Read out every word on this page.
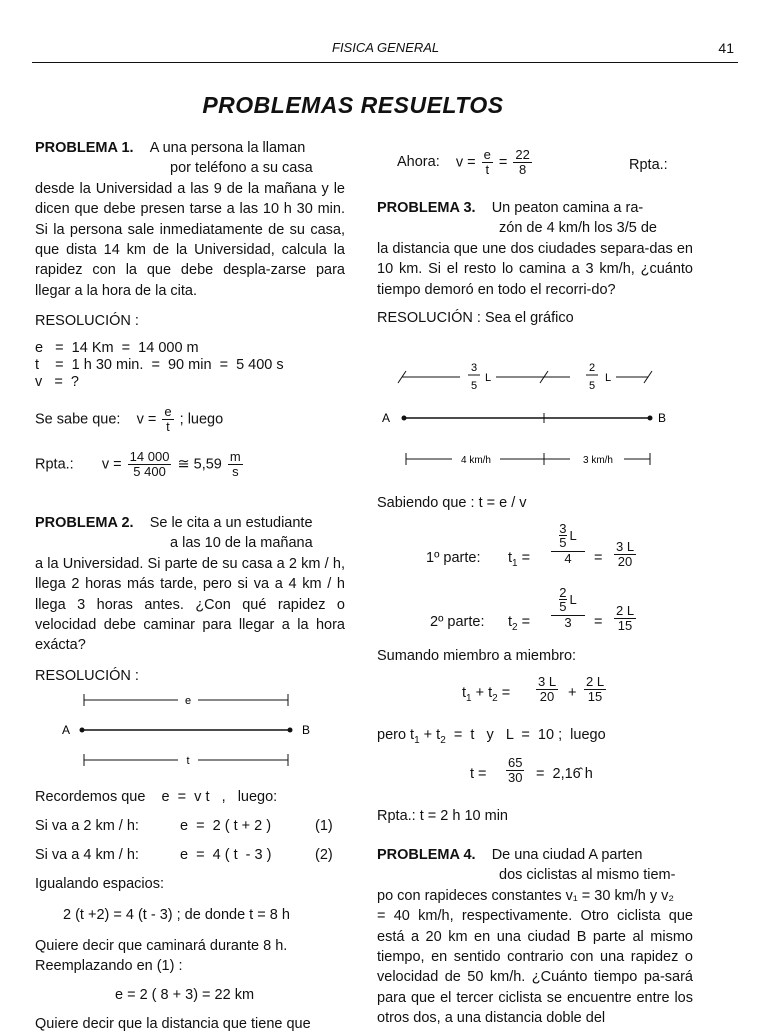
FISICA GENERAL	41
PROBLEMAS RESUELTOS
PROBLEMA 1. A una persona la llaman
por teléfono a su casa
desde la Universidad a las 9 de la mañana y le dicen que debe presen tarse a las 10 h 30 min. Si la persona sale inmediatamente de su casa, que dista 14 km de la Universidad, calcula la rapidez con la que debe despla-zarse para llegar a la hora de la cita.
RESOLUCIÓN :
e   =  14 Km  =  14 000 m
t    =  1 h 30 min.  =  90 min  =  5 400 s
v   =  ?
Se sabe que: $v = \frac{e}{t}$ ; luego
Rpta.: $v = \frac{14 000}{5 400}$ ≅ $5,59 \frac{m}{s}$
PROBLEMA 2. Se le cita a un estudiante
a las 10 de la mañana
a la Universidad. Si parte de su casa a 2 km / h, llega 2 horas más tarde, pero si va a 4 km / h llega 3 horas antes. ¿Con qué rapidez o velocidad debe caminar para llegar a la hora exácta?
RESOLUCIÓN :
e
A	B
t
Recordemos que    e  =  v t   ,   luego:
Si va a 2 km / h:	e  =  2 ( t + 2 )	(1)
Si va a 4 km / h:	e  =  4 ( t  - 3 )	(2)
Igualando espacios:
2 (t +2) = 4 (t - 3) ; de donde t = 8 h
Quiere decir que caminará durante 8 h.
Reemplazando en (1) :
e = 2 ( 8 + 3) = 22 km
Quiere decir que la distancia que tiene que
Ahora: $v = \frac{e}{t} = \frac{22}{8}$	Rpta.:
PROBLEMA 3. Un peaton camina a ra-
zón de 4 km/h los 3/5 de
la distancia que une dos ciudades separa-das en 10 km. Si el resto lo camina a 3 km/h, ¿cuánto tiempo demoró en todo el recorri-do?
RESOLUCIÓN : Sea el gráfico
3
5
L
2
5
L
A	B
4 km/h	3 km/h
Sabiendo que : t = e / v
1º parte: $t_1$ =
3
5 L
4	= $\frac{3 L}{20}$
2º parte: $t_2$ =
2
5 L
3	= $\frac{2 L}{15}$
Sumando miembro a miembro:
$t_1 + t_2 = \frac{3 L}{20} + \frac{2 L}{15}$
pero $t_1 + t_2 = t$   y   L  =  10 ;  luego
$t = \frac{65}{30}$ =  2,16̂ h
Rpta.: t = 2 h 10 min
PROBLEMA 4. De una ciudad A parten
dos ciclistas al mismo tiem-
po con rapideces constantes v₁ = 30 km/h y v₂
= 40 km/h, respectivamente. Otro ciclista que está a 20 km en una ciudad B parte al mismo tiempo, en sentido contrario con una rapidez o velocidad de 50 km/h. ¿Cuánto tiempo pa-sará para que el tercer ciclista se encuentre entre los otros dos, a una distancia doble del
